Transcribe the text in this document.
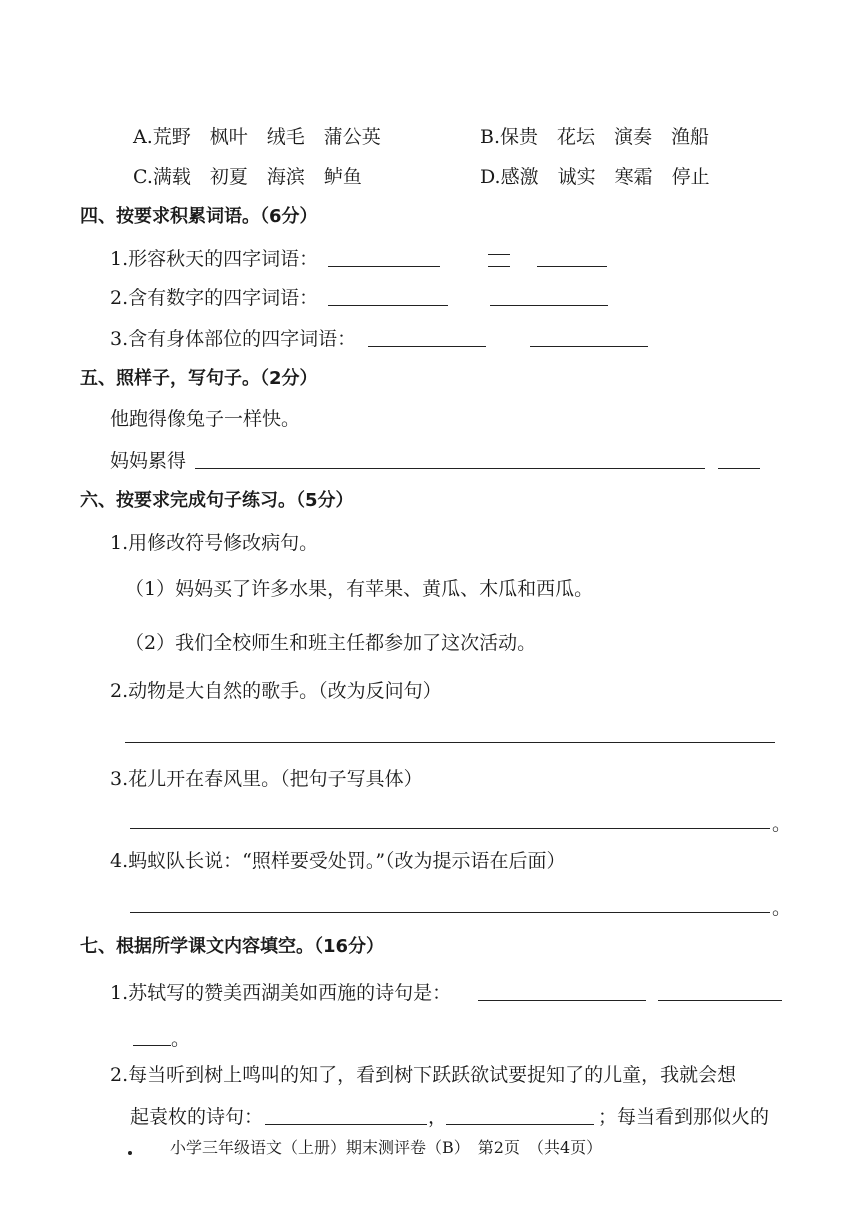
A.荒野　枫叶　绒毛　蒲公英	B.保贵　花坛　演奏　渔船
C.满载　初夏　海滨　鲈鱼	D.感激　诚实　寒霜　停止
四、按要求积累词语。（6分）
1.形容秋天的四字词语：
2.含有数字的四字词语：
3.含有身体部位的四字词语：
五、照样子，写句子。（2分）
他跑得像兔子一样快。
妈妈累得
六、按要求完成句子练习。（5分）
1.用修改符号修改病句。
（1）妈妈买了许多水果，有苹果、黄瓜、木瓜和西瓜。
（2）我们全校师生和班主任都参加了这次活动。
2.动物是大自然的歌手。（改为反问句）
3.花儿开在春风里。（把句子写具体）
。
4.蚂蚁队长说：“照样要受处罚。”（改为提示语在后面）
。
七、根据所学课文内容填空。（16分）
1.苏轼写的赞美西湖美如西施的诗句是：
。
2.每当听到树上鸣叫的知了，看到树下跃跃欲试要捉知了的儿童，我就会想
起袁枚的诗句：	，	；每当看到那似火的
小学三年级语文（上册）期末测评卷（B）　第2页　（共4页）
